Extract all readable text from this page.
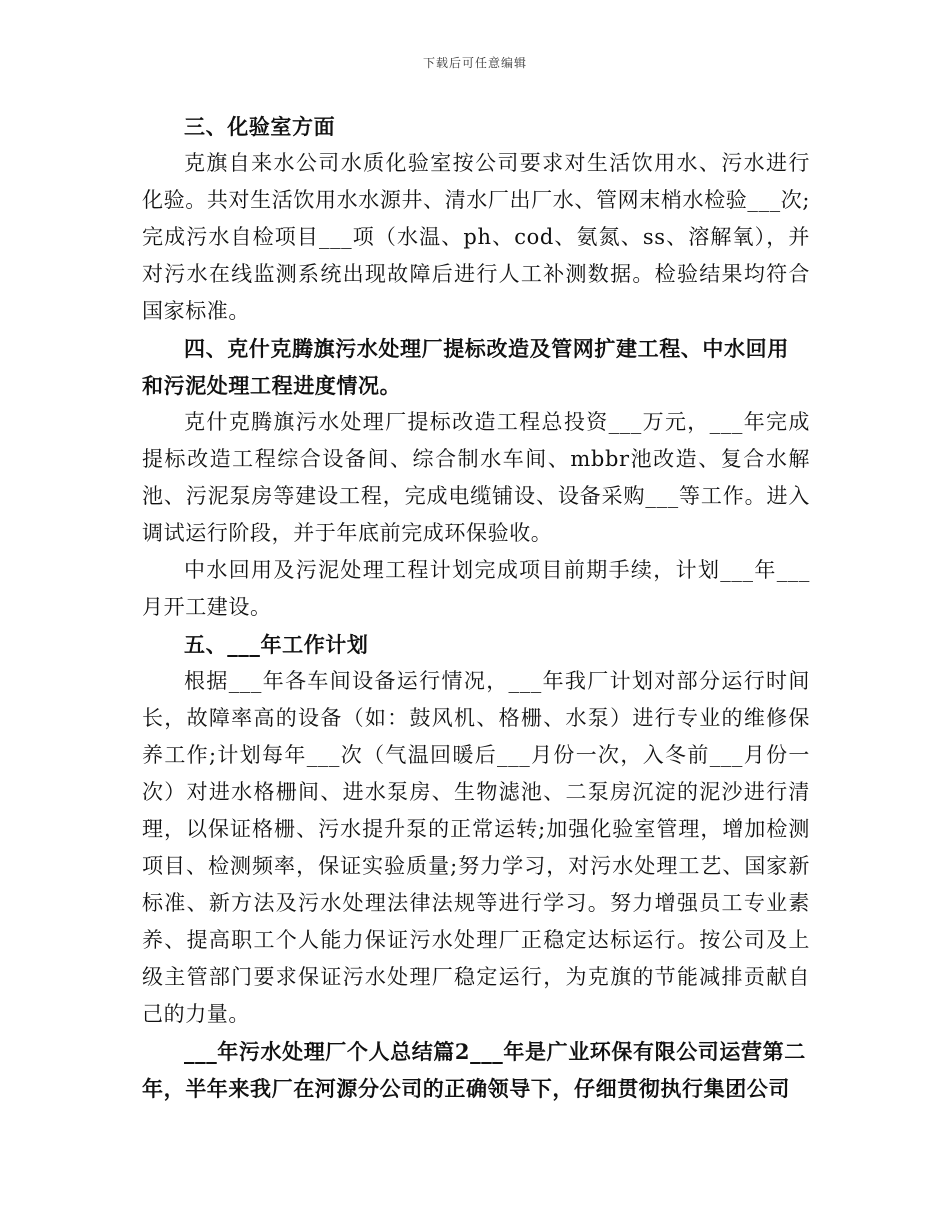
下载后可任意编辑

三、化验室方面

克旗自来水公司水质化验室按公司要求对生活饮用水、污水进行化验。共对生活饮用水水源井、清水厂出厂水、管网末梢水检验___次;完成污水自检项目___项（水温、ph、cod、氨氮、ss、溶解氧），并对污水在线监测系统出现故障后进行人工补测数据。检验结果均符合国家标准。

四、克什克腾旗污水处理厂提标改造及管网扩建工程、中水回用和污泥处理工程进度情况。

克什克腾旗污水处理厂提标改造工程总投资___万元，___年完成提标改造工程综合设备间、综合制水车间、mbbr池改造、复合水解池、污泥泵房等建设工程，完成电缆铺设、设备采购___等工作。进入调试运行阶段，并于年底前完成环保验收。

中水回用及污泥处理工程计划完成项目前期手续，计划___年___月开工建设。

五、___年工作计划

根据___年各车间设备运行情况，___年我厂计划对部分运行时间长，故障率高的设备（如：鼓风机、格栅、水泵）进行专业的维修保养工作;计划每年___次（气温回暖后___月份一次，入冬前___月份一次）对进水格栅间、进水泵房、生物滤池、二泵房沉淀的泥沙进行清理，以保证格栅、污水提升泵的正常运转;加强化验室管理，增加检测项目、检测频率，保证实验质量;努力学习，对污水处理工艺、国家新标准、新方法及污水处理法律法规等进行学习。努力增强员工专业素养、提高职工个人能力保证污水处理厂正稳定达标运行。按公司及上级主管部门要求保证污水处理厂稳定运行，为克旗的节能减排贡献自己的力量。

___年污水处理厂个人总结篇2___年是广业环保有限公司运营第二年，半年来我厂在河源分公司的正确领导下，仔细贯彻执行集团公司
